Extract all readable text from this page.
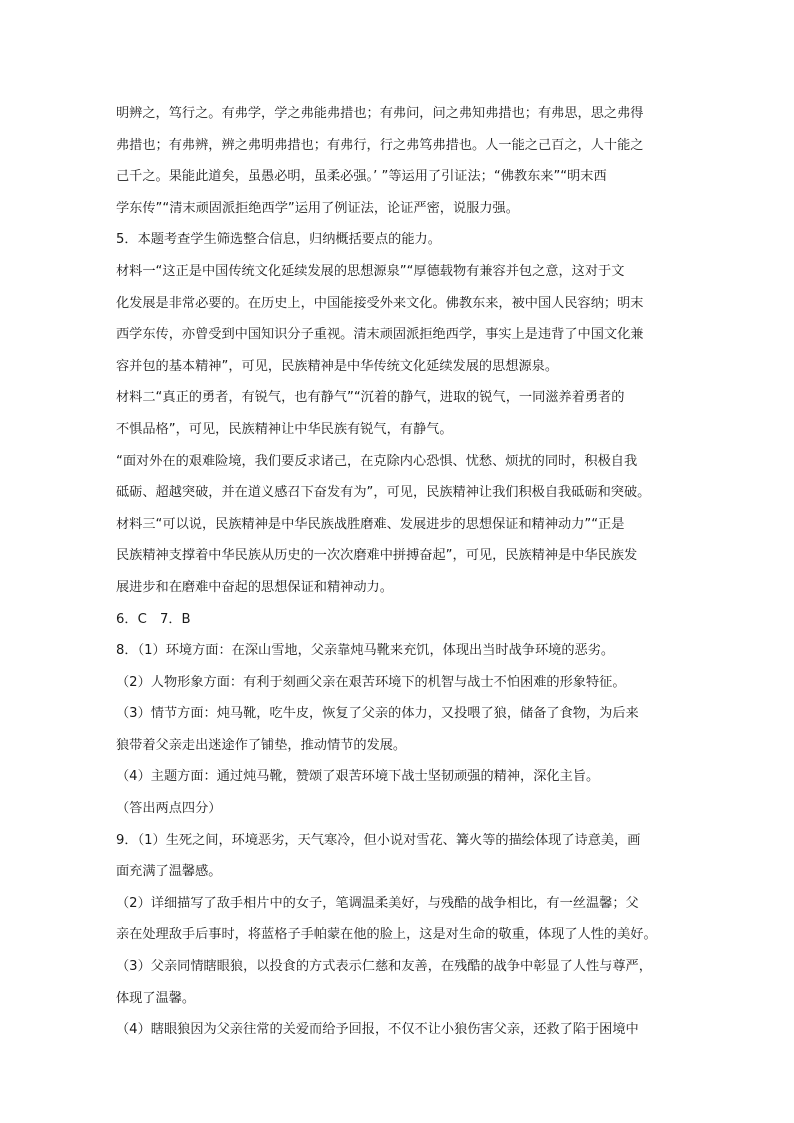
明辨之，笃行之。有弗学，学之弗能弗措也；有弗问，问之弗知弗措也；有弗思，思之弗得
弗措也；有弗辨，辨之弗明弗措也；有弗行，行之弗笃弗措也。人一能之己百之，人十能之
己千之。果能此道矣，虽愚必明，虽柔必强。’ ”等运用了引证法；“佛教东来”“明末西
学东传”“清末顽固派拒绝西学”运用了例证法，论证严密，说服力强。
5．本题考查学生筛选整合信息，归纳概括要点的能力。
材料一“这正是中国传统文化延续发展的思想源泉”“厚德载物有兼容并包之意，这对于文
化发展是非常必要的。在历史上，中国能接受外来文化。佛教东来，被中国人民容纳；明末
西学东传，亦曾受到中国知识分子重视。清末顽固派拒绝西学，事实上是违背了中国文化兼
容并包的基本精神”，可见，民族精神是中华传统文化延续发展的思想源泉。
材料二“真正的勇者，有锐气，也有静气”“沉着的静气，进取的锐气，一同滋养着勇者的
不惧品格”，可见，民族精神让中华民族有锐气，有静气。
“面对外在的艰难险境，我们要反求诸己，在克除内心恐惧、忧愁、烦扰的同时，积极自我
砥砺、超越突破，并在道义感召下奋发有为”，可见，民族精神让我们积极自我砥砺和突破。
材料三“可以说，民族精神是中华民族战胜磨难、发展进步的思想保证和精神动力”“正是
民族精神支撑着中华民族从历史的一次次磨难中拼搏奋起”，可见，民族精神是中华民族发
展进步和在磨难中奋起的思想保证和精神动力。
6．C　7．B
8．（1）环境方面：在深山雪地，父亲靠炖马靴来充饥，体现出当时战争环境的恶劣。
（2）人物形象方面：有利于刻画父亲在艰苦环境下的机智与战士不怕困难的形象特征。
（3）情节方面：炖马靴，吃牛皮，恢复了父亲的体力，又投喂了狼，储备了食物，为后来
狼带着父亲走出迷途作了铺垫，推动情节的发展。
（4）主题方面：通过炖马靴，赞颂了艰苦环境下战士坚韧顽强的精神，深化主旨。
（答出两点四分）
9．（1）生死之间，环境恶劣，天气寒冷，但小说对雪花、篝火等的描绘体现了诗意美，画
面充满了温馨感。
（2）详细描写了敌手相片中的女子，笔调温柔美好，与残酷的战争相比，有一丝温馨；父
亲在处理敌手后事时，将蓝格子手帕蒙在他的脸上，这是对生命的敬重，体现了人性的美好。
（3）父亲同情瞎眼狼，以投食的方式表示仁慈和友善，在残酷的战争中彰显了人性与尊严，
体现了温馨。
（4）瞎眼狼因为父亲往常的关爱而给予回报，不仅不让小狼伤害父亲，还救了陷于困境中
